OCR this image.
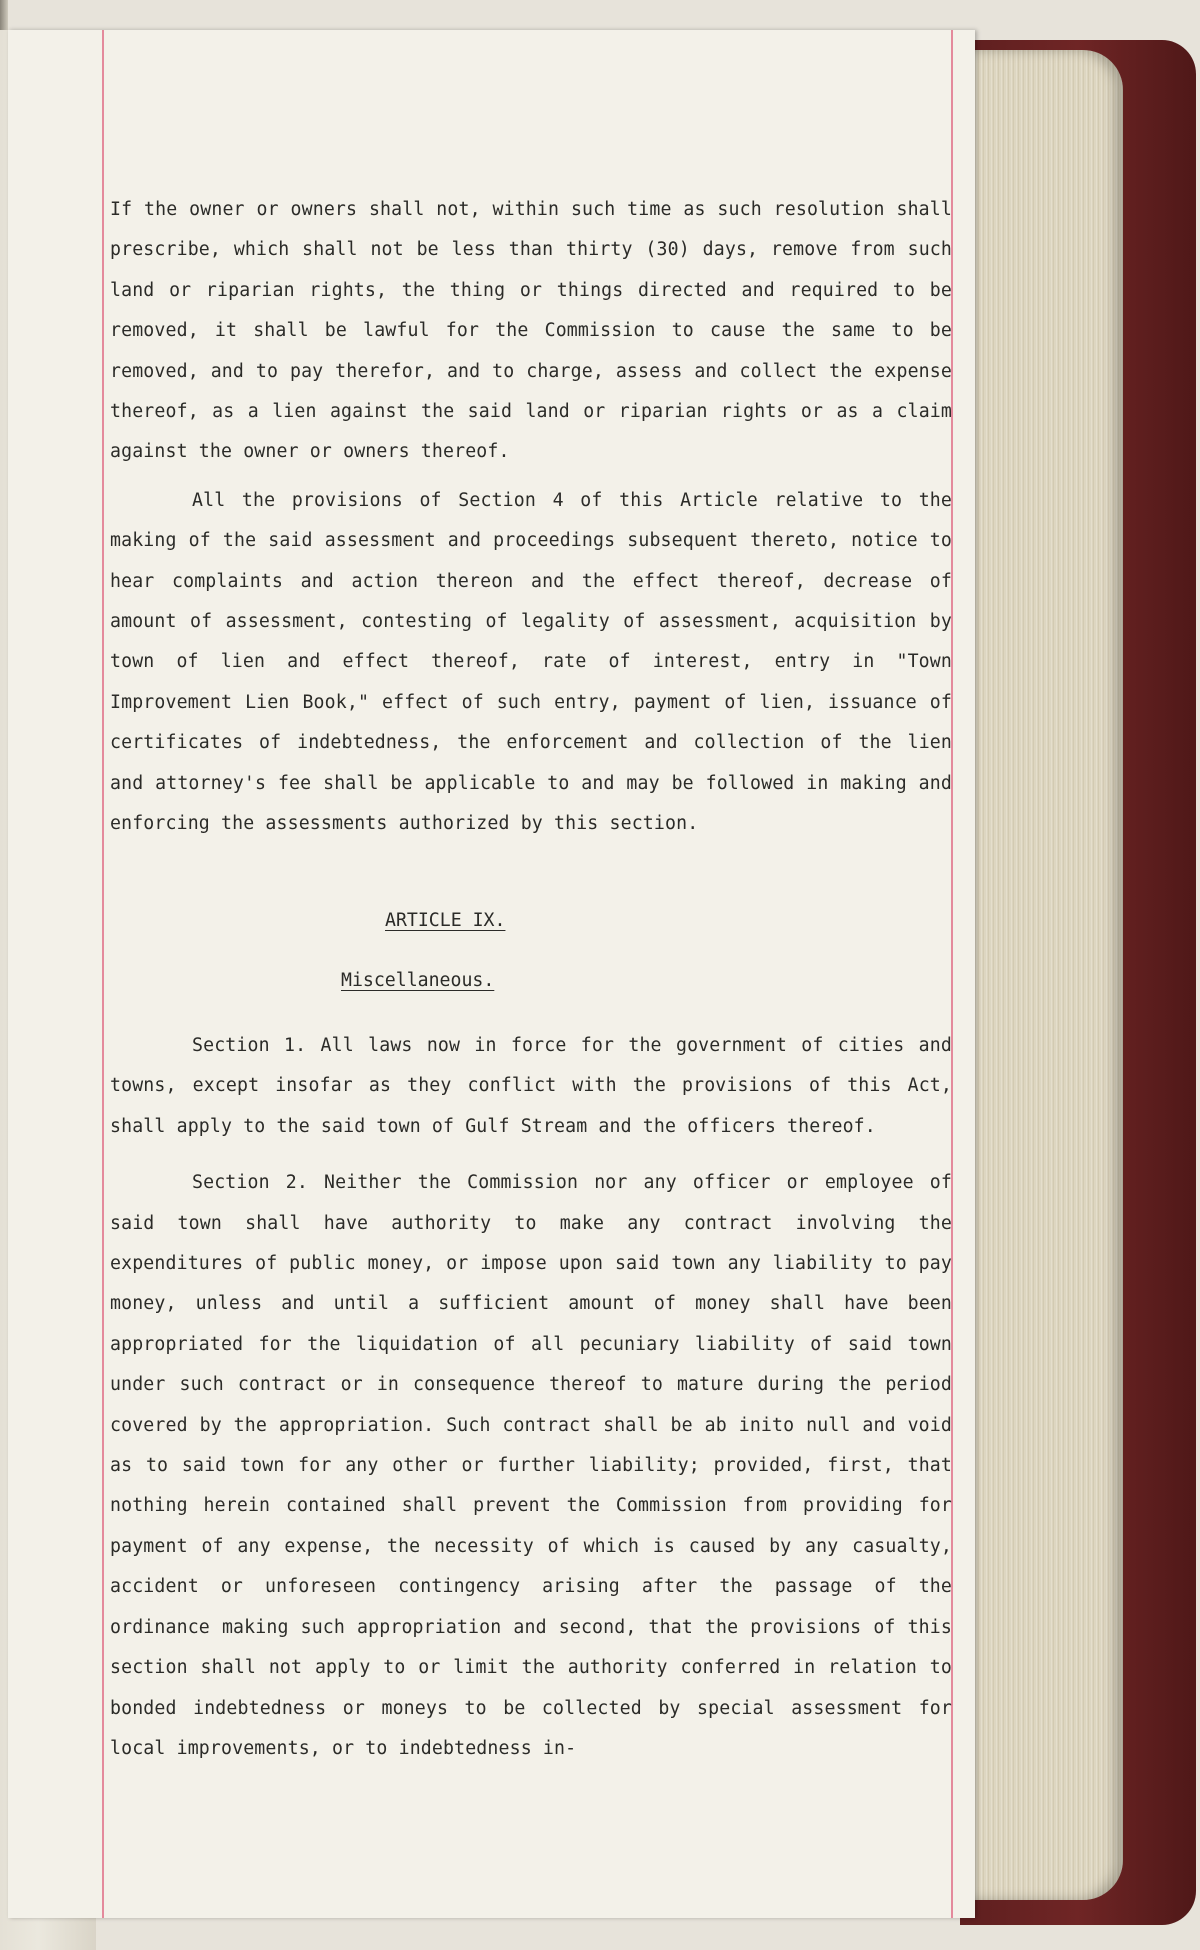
If the owner or owners shall not, within such time as such resolution shall prescribe, which shall not be less than thirty (30) days, remove from such land or riparian rights, the thing or things directed and required to be removed, it shall be lawful for the Commission to cause the same to be removed, and to pay therefor, and to charge, assess and collect the expense thereof, as a lien against the said land or riparian rights or as a claim against the owner or owners thereof.

All the provisions of Section 4 of this Article relative to the making of the said assessment and proceedings subsequent thereto, notice to hear complaints and action thereon and the effect thereof, decrease of amount of assessment, contesting of legality of assessment, acquisition by town of lien and effect thereof, rate of interest, entry in "Town Improvement Lien Book," effect of such entry, payment of lien, issuance of certificates of indebtedness, the enforcement and collection of the lien and attorney's fee shall be applicable to and may be followed in making and enforcing the assessments authorized by this section.

ARTICLE IX.
Miscellaneous.

Section 1. All laws now in force for the government of cities and towns, except insofar as they conflict with the provisions of this Act, shall apply to the said town of Gulf Stream and the officers thereof.

Section 2. Neither the Commission nor any officer or employee of said town shall have authority to make any contract involving the expenditures of public money, or impose upon said town any liability to pay money, unless and until a sufficient amount of money shall have been appropriated for the liquidation of all pecuniary liability of said town under such contract or in consequence thereof to mature during the period covered by the appropriation. Such contract shall be ab inito null and void as to said town for any other or further liability; provided, first, that nothing herein contained shall prevent the Commission from providing for payment of any expense, the necessity of which is caused by any casualty, accident or unforeseen contingency arising after the passage of the ordinance making such appropriation and second, that the provisions of this section shall not apply to or limit the authority conferred in relation to bonded indebtedness or moneys to be collected by special assessment for local improvements, or to indebtedness in-
